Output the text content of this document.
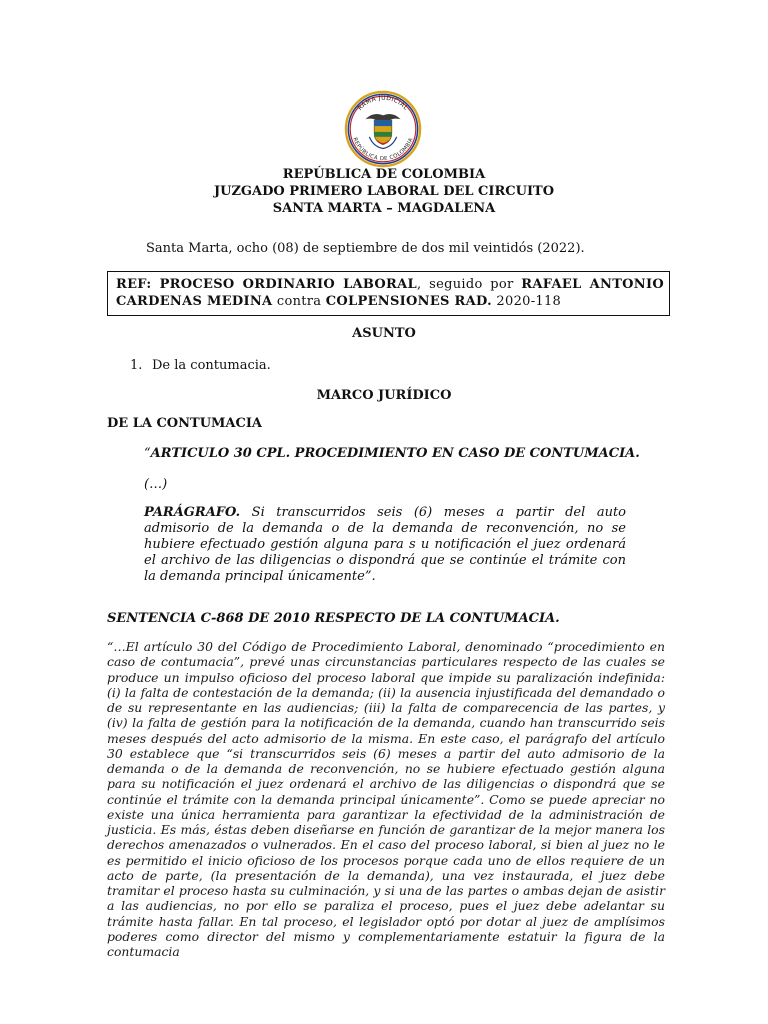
RAMA JUDICIAL
REPÚBLICA DE COLOMBIA
REPÚBLICA DE COLOMBIA
JUZGADO PRIMERO LABORAL DEL CIRCUITO
SANTA MARTA – MAGDALENA
Santa Marta, ocho (08) de septiembre de dos mil veintidós (2022).
REF: PROCESO ORDINARIO LABORAL, seguido por RAFAEL ANTONIO CARDENAS MEDINA contra COLPENSIONES RAD. 2020-118
ASUNTO
1. De la contumacia.
MARCO JURÍDICO
DE LA CONTUMACIA
“ARTICULO 30 CPL. PROCEDIMIENTO EN CASO DE CONTUMACIA.
(…)
PARÁGRAFO. Si transcurridos seis (6) meses a partir del auto admisorio de la demanda o de la demanda de reconvención, no se hubiere efectuado gestión alguna para s u notificación el juez ordenará el archivo de las diligencias o dispondrá que se continúe el trámite con la demanda principal únicamente”.
SENTENCIA C-868 DE 2010 RESPECTO DE LA CONTUMACIA.
“…El artículo 30 del Código de Procedimiento Laboral, denominado “procedimiento en caso de contumacia”, prevé unas circunstancias particulares respecto de las cuales se produce un impulso oficioso del proceso laboral que impide su paralización indefinida: (i) la falta de contestación de la demanda; (ii) la ausencia injustificada del demandado o de su representante en las audiencias; (iii) la falta de comparecencia de las partes, y (iv) la falta de gestión para la notificación de la demanda, cuando han transcurrido seis meses después del acto admisorio de la misma. En este caso, el parágrafo del artículo 30 establece que “si transcurridos seis (6) meses a partir del auto admisorio de la demanda o de la demanda de reconvención, no se hubiere efectuado gestión alguna para su notificación el juez ordenará el archivo de las diligencias o dispondrá que se continúe el trámite con la demanda principal únicamente”. Como se puede apreciar no existe una única herramienta para garantizar la efectividad de la administración de justicia. Es más, éstas deben diseñarse en función de garantizar de la mejor manera los derechos amenazados o vulnerados. En el caso del proceso laboral, si bien al juez no le es permitido el inicio oficioso de los procesos porque cada uno de ellos requiere de un acto de parte, (la presentación de la demanda), una vez instaurada, el juez debe tramitar el proceso hasta su culminación, y si una de las partes o ambas dejan de asistir a las audiencias, no por ello se paraliza el proceso, pues el juez debe adelantar su trámite hasta fallar. En tal proceso, el legislador optó por dotar al juez de amplísimos poderes como director del mismo y complementariamente estatuir la figura de la contumacia
